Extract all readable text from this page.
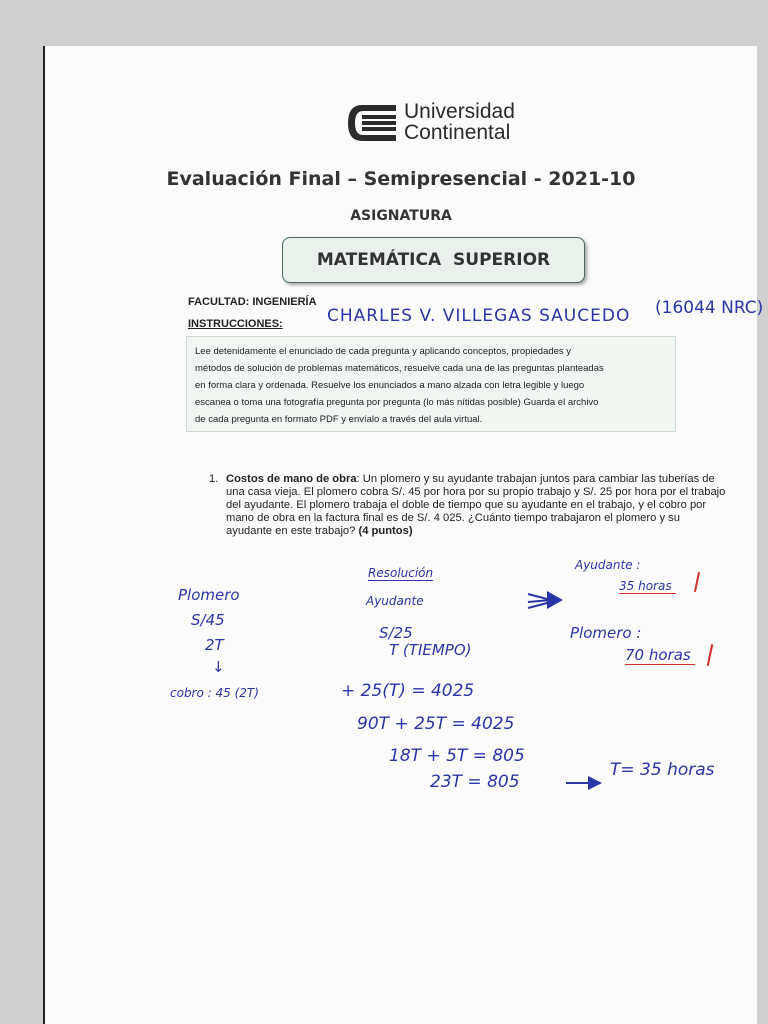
Universidad
Continental
Evaluación Final – Semipresencial - 2021-10
ASIGNATURA
MATEMÁTICA SUPERIOR
FACULTAD: INGENIERÍA
INSTRUCCIONES:	CHARLES V. VILLEGAS SAUCEDO (16044 NRC)
Lee detenidamente el enunciado de cada pregunta y aplicando conceptos, propiedades y
métodos de solución de problemas matemáticos, resuelve cada una de las preguntas planteadas
en forma clara y ordenada. Resuelve los enunciados a mano alzada con letra legible y luego
escanea o toma una fotografía pregunta por pregunta (lo más nítidas posible) Guarda el archivo
de cada pregunta en formato PDF y envíalo a través del aula virtual.
1. Costos de mano de obra: Un plomero y su ayudante trabajan juntos para cambiar las tuberías de una casa vieja. El plomero cobra S/. 45 por hora por su propio trabajo y S/. 25 por hora por el trabajo del ayudante. El plomero trabaja el doble de tiempo que su ayudante en el trabajo, y el cobro por mano de obra en la factura final es de S/. 4 025. ¿Cuánto tiempo trabajaron el plomero y su ayudante en este trabajo? (4 puntos)
Plomero
S/45
2T
↓
cobro : 45 (2T)
Resolución
Ayudante
S/25
T (TIEMPO)
+ 25(T) = 4025
90T + 25T = 4025
18T + 5T = 805
23T = 805
T= 35 horas
Ayudante :
35 horas
Plomero :
70 horas
